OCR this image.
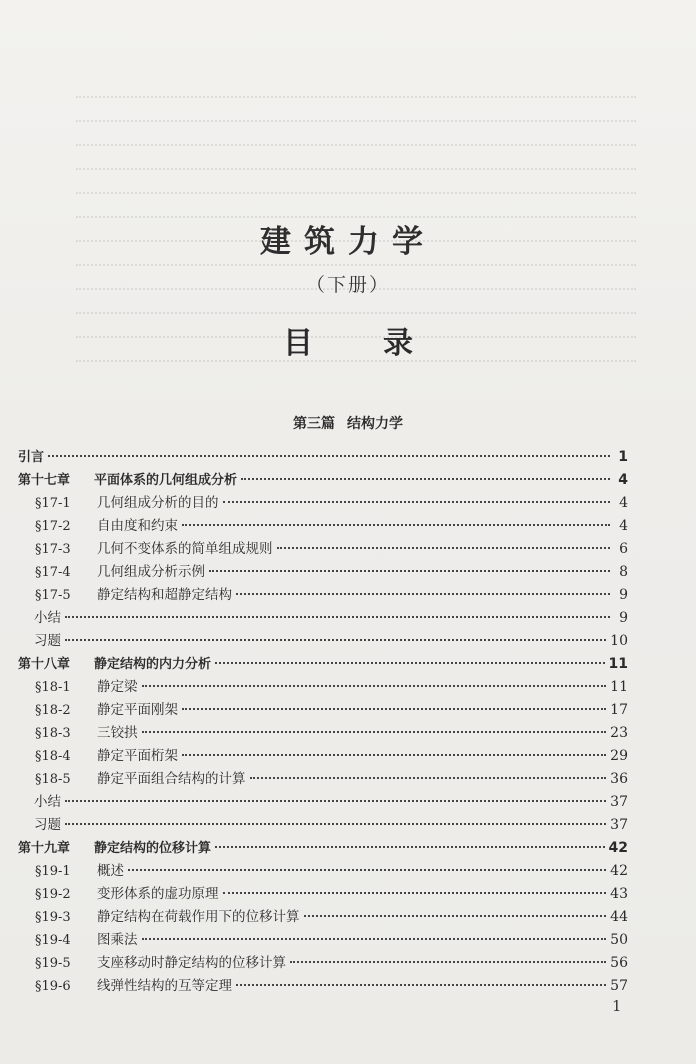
建筑力学
（下册）
目 录
第三篇 结构力学
引言	1
第十七章	平面体系的几何组成分析	4
§17-1	几何组成分析的目的	4
§17-2	自由度和约束	4
§17-3	几何不变体系的简单组成规则	6
§17-4	几何组成分析示例	8
§17-5	静定结构和超静定结构	9
小结	9
习题	10
第十八章	静定结构的内力分析	11
§18-1	静定梁	11
§18-2	静定平面刚架	17
§18-3	三铰拱	23
§18-4	静定平面桁架	29
§18-5	静定平面组合结构的计算	36
小结	37
习题	37
第十九章	静定结构的位移计算	42
§19-1	概述	42
§19-2	变形体系的虚功原理	43
§19-3	静定结构在荷载作用下的位移计算	44
§19-4	图乘法	50
§19-5	支座移动时静定结构的位移计算	56
§19-6	线弹性结构的互等定理	57
1
